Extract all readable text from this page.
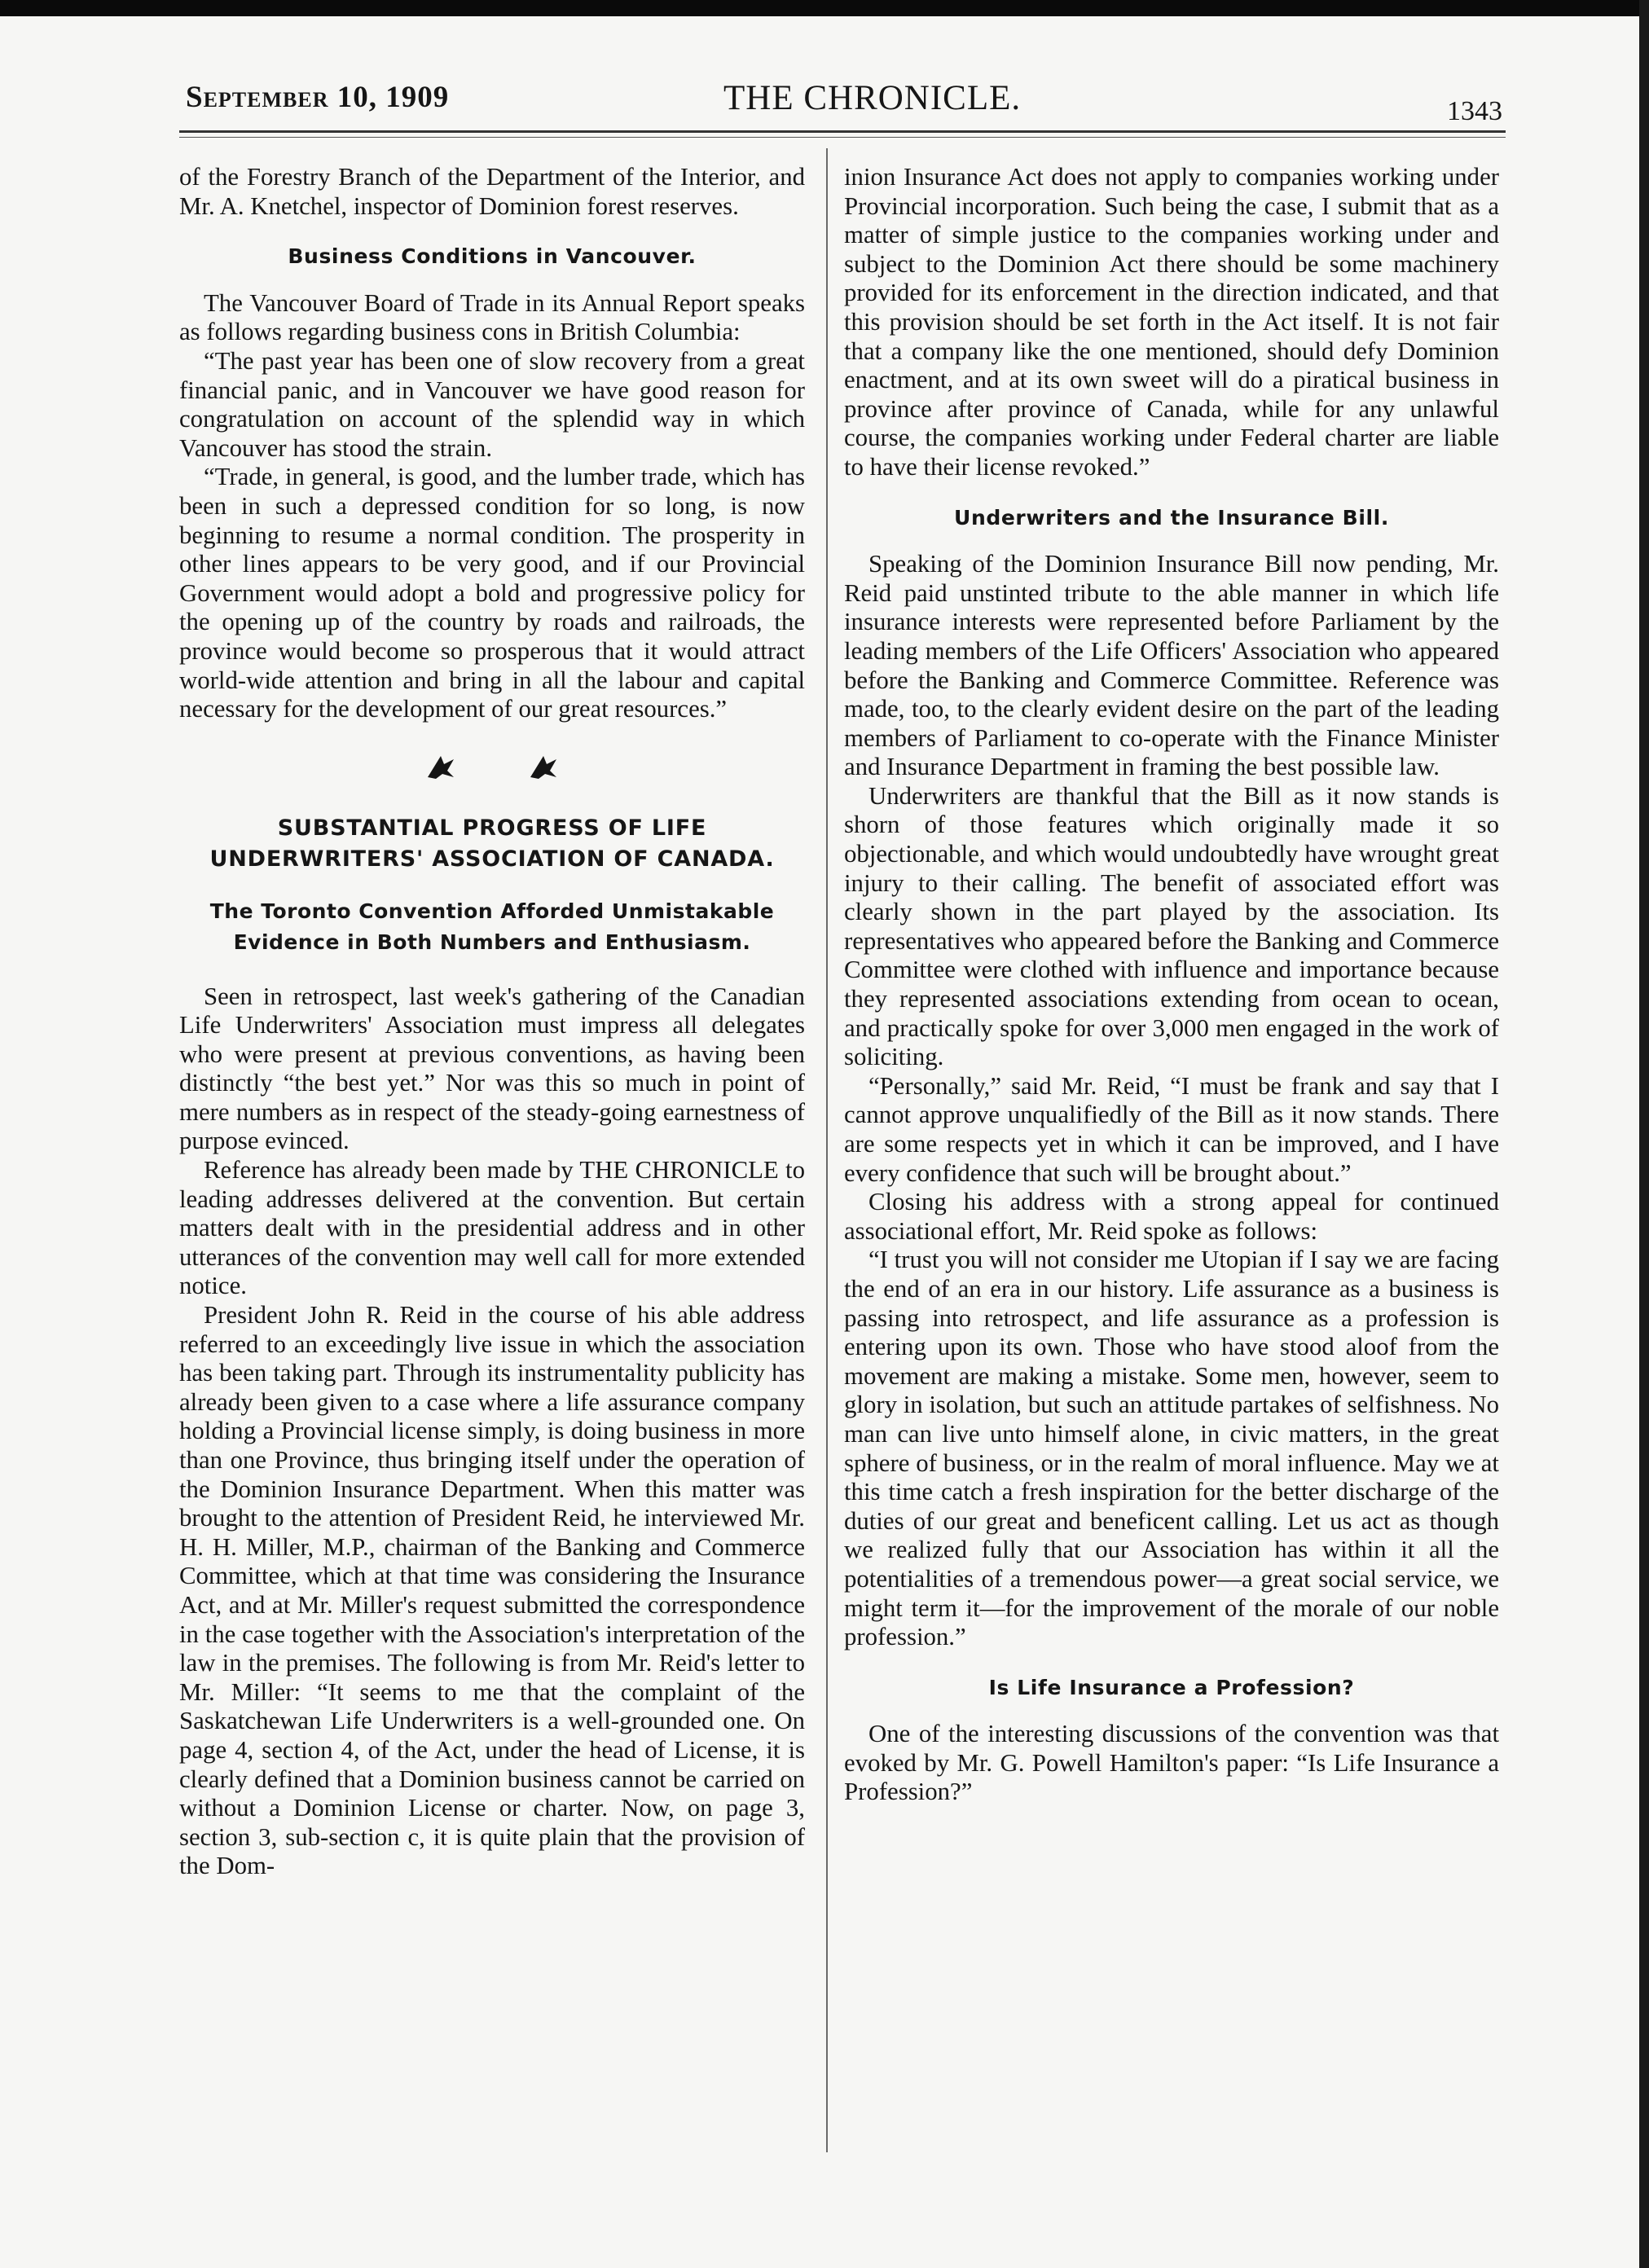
September 10, 1909	THE CHRONICLE.	1343

of the Forestry Branch of the Department of the Interior, and Mr. A. Knetchel, inspector of Dominion forest reserves.

Business Conditions in Vancouver.

The Vancouver Board of Trade in its Annual Report speaks as follows regarding business cons in British Columbia:

“The past year has been one of slow recovery from a great financial panic, and in Vancouver we have good reason for congratulation on account of the splendid way in which Vancouver has stood the strain.

“Trade, in general, is good, and the lumber trade, which has been in such a depressed condition for so long, is now beginning to resume a normal condition. The prosperity in other lines appears to be very good, and if our Provincial Government would adopt a bold and progressive policy for the opening up of the country by roads and railroads, the province would become so prosperous that it would attract world-wide attention and bring in all the labour and capital necessary for the development of our great resources.”

SUBSTANTIAL PROGRESS OF LIFE UNDERWRITERS' ASSOCIATION OF CANADA.
The Toronto Convention Afforded Unmistakable Evidence in Both Numbers and Enthusiasm.

Seen in retrospect, last week's gathering of the Canadian Life Underwriters' Association must impress all delegates who were present at previous conventions, as having been distinctly “the best yet.” Nor was this so much in point of mere numbers as in respect of the steady-going earnestness of purpose evinced.

Reference has already been made by THE CHRONICLE to leading addresses delivered at the convention. But certain matters dealt with in the presidential address and in other utterances of the convention may well call for more extended notice.

President John R. Reid in the course of his able address referred to an exceedingly live issue in which the association has been taking part. Through its instrumentality publicity has already been given to a case where a life assurance company holding a Provincial license simply, is doing business in more than one Province, thus bringing itself under the operation of the Dominion Insurance Department. When this matter was brought to the attention of President Reid, he interviewed Mr. H. H. Miller, M.P., chairman of the Banking and Commerce Committee, which at that time was considering the Insurance Act, and at Mr. Miller's request submitted the correspondence in the case together with the Association's interpretation of the law in the premises. The following is from Mr. Reid's letter to Mr. Miller: “It seems to me that the complaint of the Saskatchewan Life Underwriters is a well-grounded one. On page 4, section 4, of the Act, under the head of License, it is clearly defined that a Dominion business cannot be carried on without a Dominion License or charter. Now, on page 3, section 3, sub-section c, it is quite plain that the provision of the Dom-

inion Insurance Act does not apply to companies working under Provincial incorporation. Such being the case, I submit that as a matter of simple justice to the companies working under and subject to the Dominion Act there should be some machinery provided for its enforcement in the direction indicated, and that this provision should be set forth in the Act itself. It is not fair that a company like the one mentioned, should defy Dominion enactment, and at its own sweet will do a piratical business in province after province of Canada, while for any unlawful course, the companies working under Federal charter are liable to have their license revoked.”

Underwriters and the Insurance Bill.

Speaking of the Dominion Insurance Bill now pending, Mr. Reid paid unstinted tribute to the able manner in which life insurance interests were represented before Parliament by the leading members of the Life Officers' Association who appeared before the Banking and Commerce Committee. Reference was made, too, to the clearly evident desire on the part of the leading members of Parliament to co-operate with the Finance Minister and Insurance Department in framing the best possible law.

Underwriters are thankful that the Bill as it now stands is shorn of those features which originally made it so objectionable, and which would undoubtedly have wrought great injury to their calling. The benefit of associated effort was clearly shown in the part played by the association. Its representatives who appeared before the Banking and Commerce Committee were clothed with influence and importance because they represented associations extending from ocean to ocean, and practically spoke for over 3,000 men engaged in the work of soliciting.

“Personally,” said Mr. Reid, “I must be frank and say that I cannot approve unqualifiedly of the Bill as it now stands. There are some respects yet in which it can be improved, and I have every confidence that such will be brought about.”

Closing his address with a strong appeal for continued associational effort, Mr. Reid spoke as follows:

“I trust you will not consider me Utopian if I say we are facing the end of an era in our history. Life assurance as a business is passing into retrospect, and life assurance as a profession is entering upon its own. Those who have stood aloof from the movement are making a mistake. Some men, however, seem to glory in isolation, but such an attitude partakes of selfishness. No man can live unto himself alone, in civic matters, in the great sphere of business, or in the realm of moral influence. May we at this time catch a fresh inspiration for the better discharge of the duties of our great and beneficent calling. Let us act as though we realized fully that our Association has within it all the potentialities of a tremendous power—a great social service, we might term it—for the improvement of the morale of our noble profession.”

Is Life Insurance a Profession?

One of the interesting discussions of the convention was that evoked by Mr. G. Powell Hamilton's paper: “Is Life Insurance a Profession?”
